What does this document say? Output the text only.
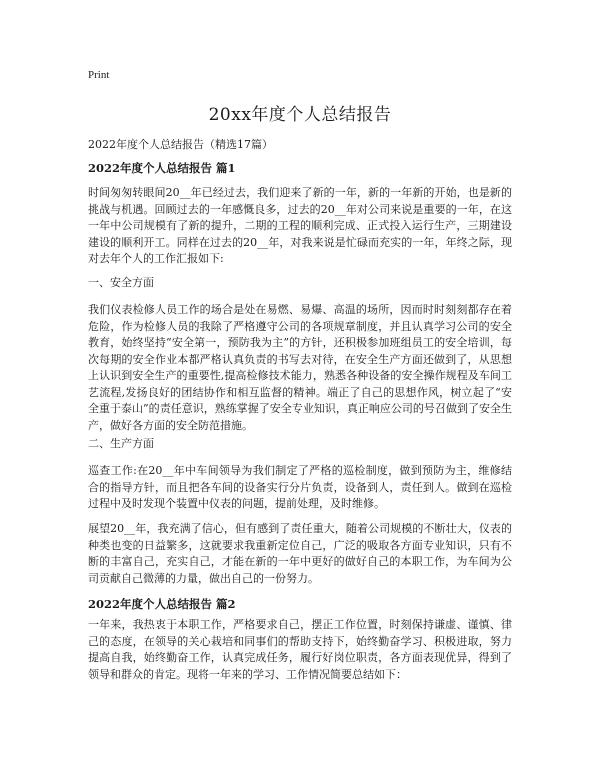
Print
20xx年度个人总结报告

2022年度个人总结报告（精选17篇）

2022年度个人总结报告 篇1

时间匆匆转眼间20__年已经过去，我们迎来了新的一年，新的一年新的开始，也是新的挑战与机遇。回顾过去的一年感慨良多，过去的20__年对公司来说是重要的一年，在这一年中公司规模有了新的提升，二期的工程的顺利完成、正式投入运行生产，三期建设建设的顺利开工。同样在过去的20__年，对我来说是忙碌而充实的一年，年终之际，现对去年个人的工作汇报如下:

一、安全方面

我们仪表检修人员工作的场合是处在易燃、易爆、高温的场所，因而时时刻刻都存在着危险，作为检修人员的我除了严格遵守公司的各项规章制度，并且认真学习公司的安全教育，始终坚持“安全第一，预防我为主”的方针，还积极参加班组员工的安全培训，每次每期的安全作业本都严格认真负责的书写去对待，在安全生产方面还做到了，从思想上认识到安全生产的重要性,提高检修技术能力，熟悉各种设备的安全操作规程及车间工艺流程,发扬良好的团结协作和相互监督的精神。端正了自己的思想作风，树立起了“安全重于泰山”的责任意识，熟练掌握了安全专业知识，真正响应公司的号召做到了安全生产，做好各方面的安全防范措施。

二、生产方面

巡查工作:在20__年中车间领导为我们制定了严格的巡检制度，做到预防为主，维修结合的指导方针，而且把各车间的设备实行分片负责，设备到人，责任到人。做到在巡检过程中及时发现个装置中仪表的问题，提前处理，及时维修。

展望20__年，我充满了信心，但有感到了责任重大，随着公司规模的不断壮大，仪表的种类也变的日益繁多，这就要求我重新定位自己，广泛的吸取各方面专业知识，只有不断的丰富自己，充实自己，才能在新的一年中更好的做好自己的本职工作，为车间为公司贡献自己微薄的力量，做出自己的一份努力。

2022年度个人总结报告 篇2

一年来，我热衷于本职工作，严格要求自己，摆正工作位置，时刻保持谦虚、谨慎、律己的态度，在领导的关心栽培和同事们的帮助支持下，始终勤奋学习、积极进取，努力提高自我，始终勤奋工作，认真完成任务，履行好岗位职责，各方面表现优异，得到了领导和群众的肯定。现将一年来的学习、工作情况简要总结如下：
